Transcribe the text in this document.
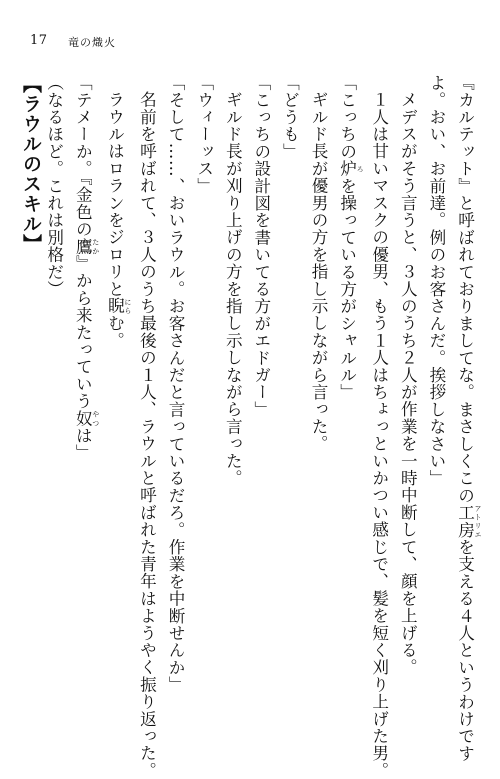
17 竜の熾火
『カルテット』と呼ばれておりましてな。まさしくこの工房 アトリエを支える４人というわけです
よ。おい、お前達。例のお客さんだ。挨拶しなさい」
メデスがそう言うと、３人のうち２人が作業を一時中断して、顔を上げる。
１人は甘いマスクの優男、もう１人はちょっといかつい感じで、髪を短く刈り上げた男。
「こっちの炉 ろを操っている方がシャルル」
ギルド長が優男の方を指し示しながら言った。
「どうも」
「こっちの設計図を書いてる方がエドガー」
ギルド長が刈り上げの方を指し示しながら言った。
「ウィーッス」
「そして……、おいラウル。お客さんだと言っているだろ。作業を中断せんか」
名前を呼ばれて、３人のうち最後の１人、ラウルと呼ばれた青年はようやく振り返った。
ラウルはロランをジロリと睨 にらむ。
「テメーか。『金色の鷹 たか』から来たっていう奴 やつは」
（なるほど。これは別格だ）
【ラウルのスキル】
